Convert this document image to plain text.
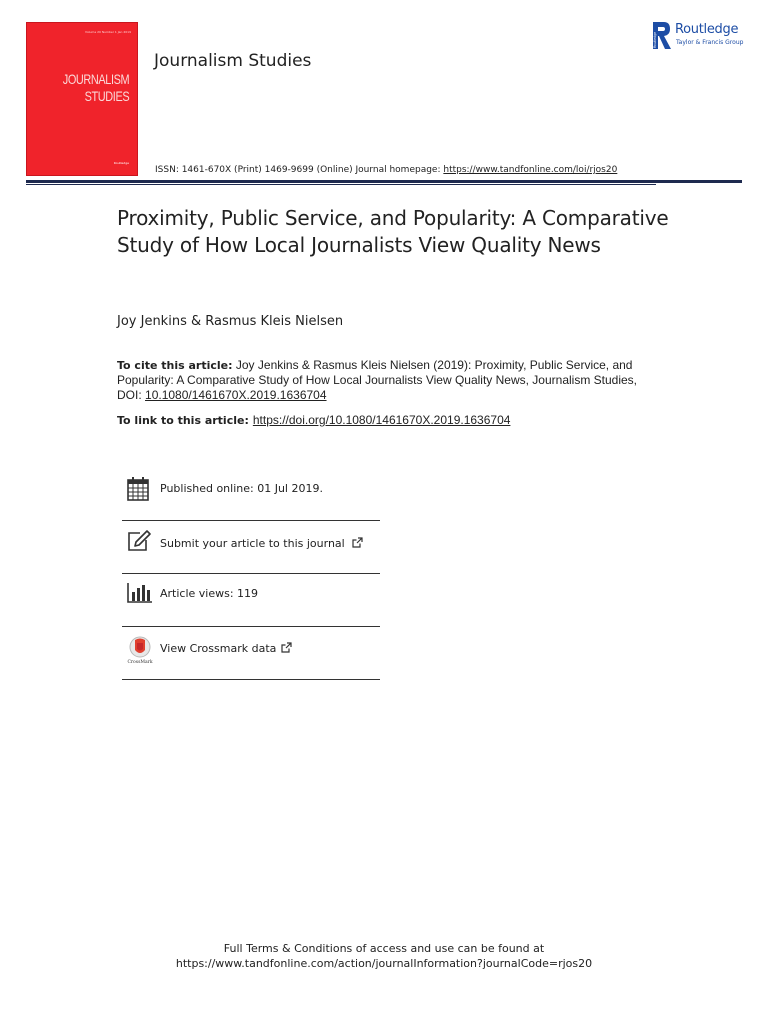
Volume 20 Number 1 Jan 2019
JOURNALISM
STUDIES
Routledge
Journalism Studies
ISSN: 1461-670X (Print) 1469-9699 (Online) Journal homepage: https://www.tandfonline.com/loi/rjos20
Routledge
Routledge
Taylor & Francis Group
Proximity, Public Service, and Popularity: A Comparative Study of How Local Journalists View Quality News
Joy Jenkins & Rasmus Kleis Nielsen
To cite this article: Joy Jenkins & Rasmus Kleis Nielsen (2019): Proximity, Public Service, and Popularity: A Comparative Study of How Local Journalists View Quality News, Journalism Studies, DOI: 10.1080/1461670X.2019.1636704
To link to this article: https://doi.org/10.1080/1461670X.2019.1636704
Published online: 01 Jul 2019.
Submit your article to this journal
Article views: 119
CrossMark
View Crossmark data
Full Terms & Conditions of access and use can be found at
https://www.tandfonline.com/action/journalInformation?journalCode=rjos20
